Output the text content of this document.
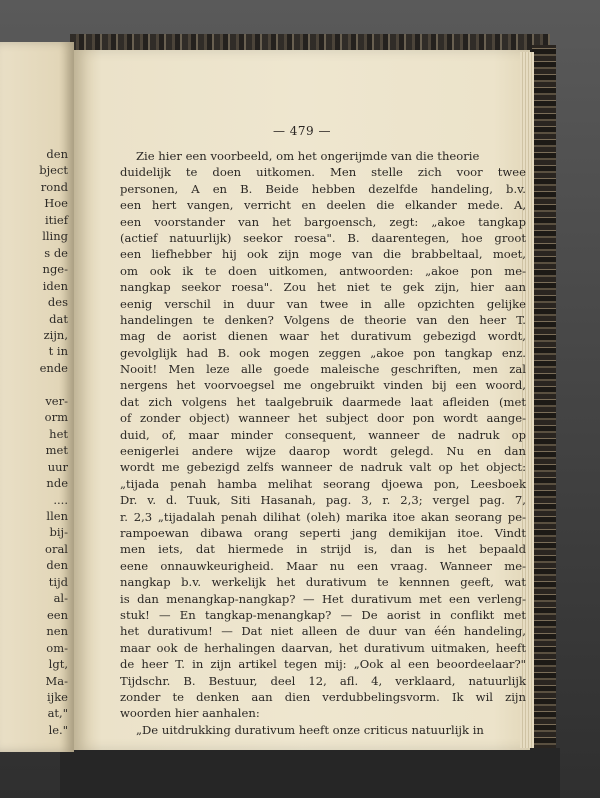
den
bject
rond
Hoe
itief
lling
s de
nge-
iden
des
dat
zijn,
t in
ende

ver-
orm
het
met
uur
nde
....
llen
bij-
oral
den
tijd
al-
een
nen
om-
lgt,
Ma-
ijke
at,"
le."
— 479 —
Zie hier een voorbeeld, om het ongerijmde van die theorie
duidelijk te doen uitkomen. Men stelle zich voor twee
personen, A en B. Beide hebben dezelfde handeling, b.v.
een hert vangen, verricht en deelen die elkander mede. A,
een voorstander van het bargoensch, zegt: „akoe tangkap
(actief natuurlijk) seekor roesa". B. daarentegen, hoe groot
een liefhebber hij ook zijn moge van die brabbeltaal, moet,
om ook ik te doen uitkomen, antwoorden: „akoe pon me-
nangkap seekor roesa". Zou het niet te gek zijn, hier aan
eenig verschil in duur van twee in alle opzichten gelijke
handelingen te denken? Volgens de theorie van den heer T.
mag de aorist dienen waar het durativum gebezigd wordt,
gevolglijk had B. ook mogen zeggen „akoe pon tangkap enz.
Nooit! Men leze alle goede maleische geschriften, men zal
nergens het voorvoegsel me ongebruikt vinden bij een woord,
dat zich volgens het taalgebruik daarmede laat afleiden (met
of zonder object) wanneer het subject door pon wordt aange-
duid, of, maar minder consequent, wanneer de nadruk op
eenigerlei andere wijze daarop wordt gelegd. Nu en dan
wordt me gebezigd zelfs wanneer de nadruk valt op het object:
„tijada penah hamba melihat seorang djoewa pon, Leesboek
Dr. v. d. Tuuk, Siti Hasanah, pag. 3, r. 2,3; vergel pag. 7,
r. 2,3 „tijadalah penah dilihat (oleh) marika itoe akan seorang pe-
rampoewan dibawa orang seperti jang demikijan itoe. Vindt
men iets, dat hiermede in strijd is, dan is het bepaald
eene onnauwkeurigheid. Maar nu een vraag. Wanneer me-
nangkap b.v. werkelijk het durativum te kennnen geeft, wat
is dan menangkap-nangkap? — Het durativum met een verleng-
stuk! — En tangkap-menangkap? — De aorist in conflikt met
het durativum! — Dat niet alleen de duur van één handeling,
maar ook de herhalingen daarvan, het durativum uitmaken, heeft
de heer T. in zijn artikel tegen mij: „Ook al een beoordeelaar?"
Tijdschr. B. Bestuur, deel 12, afl. 4, verklaard, natuurlijk
zonder te denken aan dien verdubbelingsvorm. Ik wil zijn
woorden hier aanhalen:
„De uitdrukking durativum heeft onze criticus natuurlijk in
